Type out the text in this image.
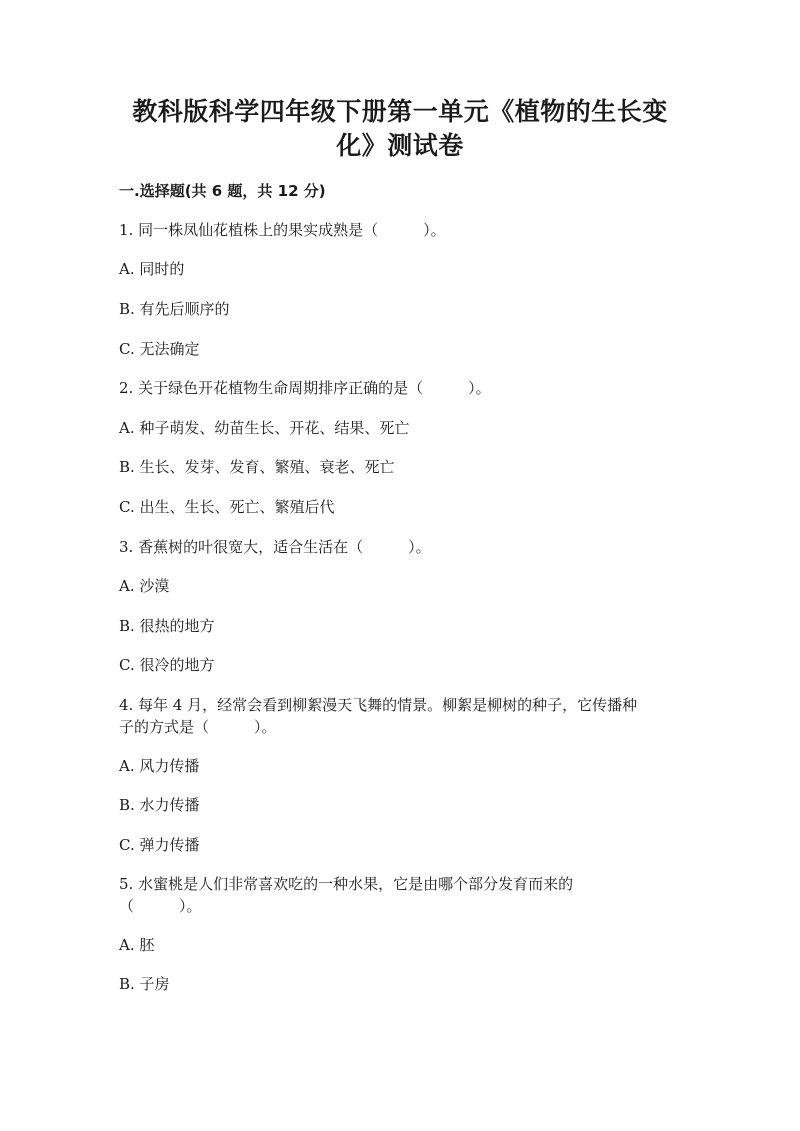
教科版科学四年级下册第一单元《植物的生长变
化》测试卷
一.选择题(共 6 题，共 12 分)
1. 同一株凤仙花植株上的果实成熟是（　　　）。
A. 同时的
B. 有先后顺序的
C. 无法确定
2. 关于绿色开花植物生命周期排序正确的是（　　　）。
A. 种子萌发、幼苗生长、开花、结果、死亡
B. 生长、发芽、发育、繁殖、衰老、死亡
C. 出生、生长、死亡、繁殖后代
3. 香蕉树的叶很宽大，适合生活在（　　　）。
A. 沙漠
B. 很热的地方
C. 很冷的地方
4. 每年 4 月，经常会看到柳絮漫天飞舞的情景。柳絮是柳树的种子，它传播种
子的方式是（　　　）。
A. 风力传播
B. 水力传播
C. 弹力传播
5. 水蜜桃是人们非常喜欢吃的一种水果，它是由哪个部分发育而来的
（　　　）。
A. 胚
B. 子房
